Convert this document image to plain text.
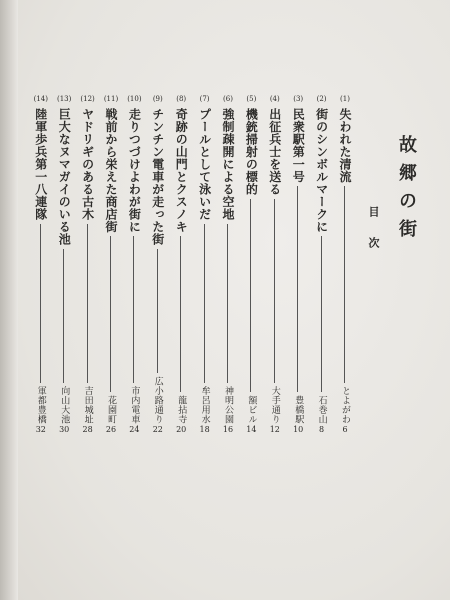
故郷の街
目次
(1)
失われた清流
とよがわ
6
(2)
街のシンボルマークに
石巻山
8
(3)
民衆駅第一号
豊橋駅
10
(4)
出征兵士を送る
大手通り
12
(5)
機銃掃射の標的
額ビル
14
(6)
強制疎開による空地
神明公園
16
(7)
プールとして泳いだ
牟呂用水
18
(8)
奇跡の山門とクスノキ
龍拈寺
20
(9)
チンチン電車が走った街
広小路通り
22
(10)
走りつづけよわが街に
市内電車
24
(11)
戦前から栄えた商店街
花園町
26
(12)
ヤドリギのある古木
吉田城址
28
(13)
巨大なヌマガイのいる池
向山大池
30
(14)
陸軍歩兵第一八連隊
軍都豊橋
32
